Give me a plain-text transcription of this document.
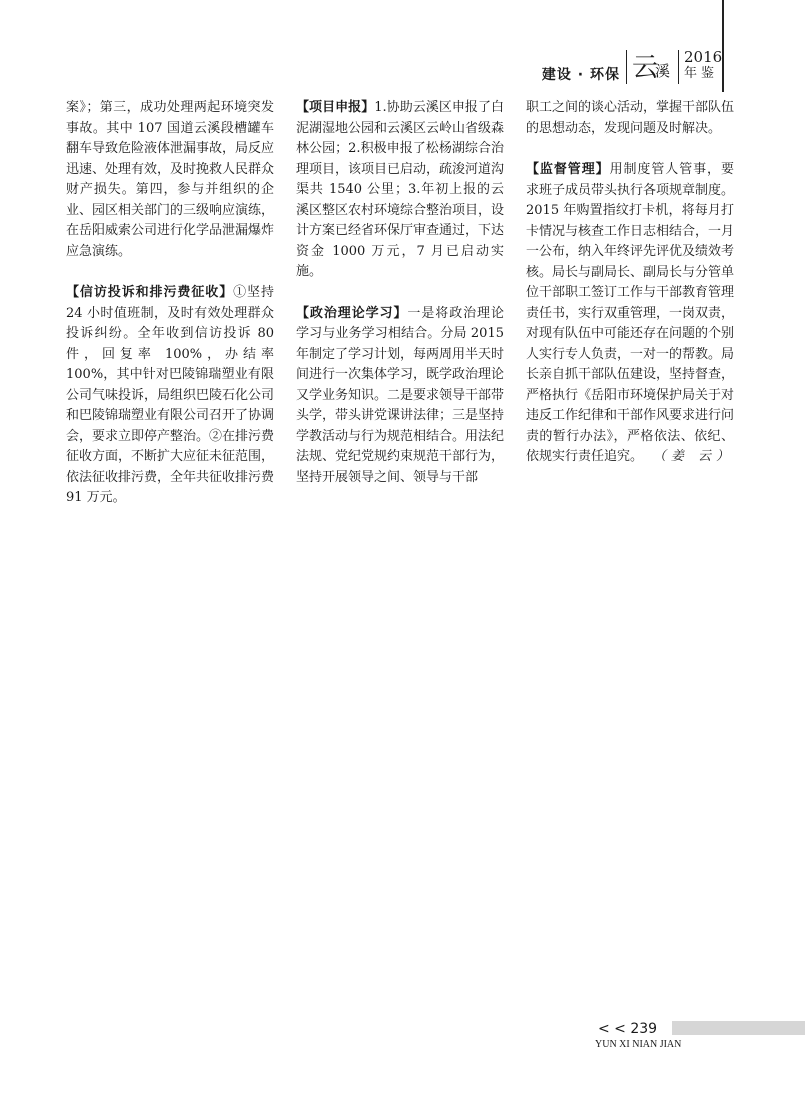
建设 · 环保 云
溪
2016
年鉴

案》；第三，成功处理两起环境突发事故。其中 107 国道云溪段槽罐车翻车导致危险液体泄漏事故，局反应迅速、处理有效，及时挽救人民群众财产损失。第四，参与并组织的企业、园区相关部门的三级响应演练，在岳阳威索公司进行化学品泄漏爆炸应急演练。

【信访投诉和排污费征收】①坚持 24 小时值班制，及时有效处理群众投诉纠纷。全年收到信访投诉 80 件，回复率 100%，办结率 100%，其中针对巴陵锦瑞塑业有限公司气味投诉，局组织巴陵石化公司和巴陵锦瑞塑业有限公司召开了协调会，要求立即停产整治。②在排污费征收方面，不断扩大应征未征范围，依法征收排污费，全年共征收排污费 91 万元。

【项目申报】1.协助云溪区申报了白泥湖湿地公园和云溪区云岭山省级森林公园；2.积极申报了松杨湖综合治理项目，该项目已启动，疏浚河道沟渠共 1540 公里；3.年初上报的云溪区整区农村环境综合整治项目，设计方案已经省环保厅审查通过，下达资金 1000 万元，7 月已启动实施。

【政治理论学习】一是将政治理论学习与业务学习相结合。分局 2015 年制定了学习计划，每两周用半天时间进行一次集体学习，既学政治理论又学业务知识。二是要求领导干部带头学，带头讲党课讲法律；三是坚持学教活动与行为规范相结合。用法纪法规、党纪党规约束规范干部行为，坚持开展领导之间、领导与干部

职工之间的谈心活动，掌握干部队伍的思想动态，发现问题及时解决。

【监督管理】用制度管人管事，要求班子成员带头执行各项规章制度。2015 年购置指纹打卡机，将每月打卡情况与核查工作日志相结合，一月一公布，纳入年终评先评优及绩效考核。局长与副局长、副局长与分管单位干部职工签订工作与干部教育管理责任书，实行双重管理，一岗双责，对现有队伍中可能还存在问题的个别人实行专人负责，一对一的帮教。局长亲自抓干部队伍建设，坚持督查，严格执行《岳阳市环境保护局关于对违反工作纪律和干部作风要求进行问责的暂行办法》，严格依法、依纪、依规实行责任追究。 （姜 云）

< < 239
YUN XI NIAN JIAN
